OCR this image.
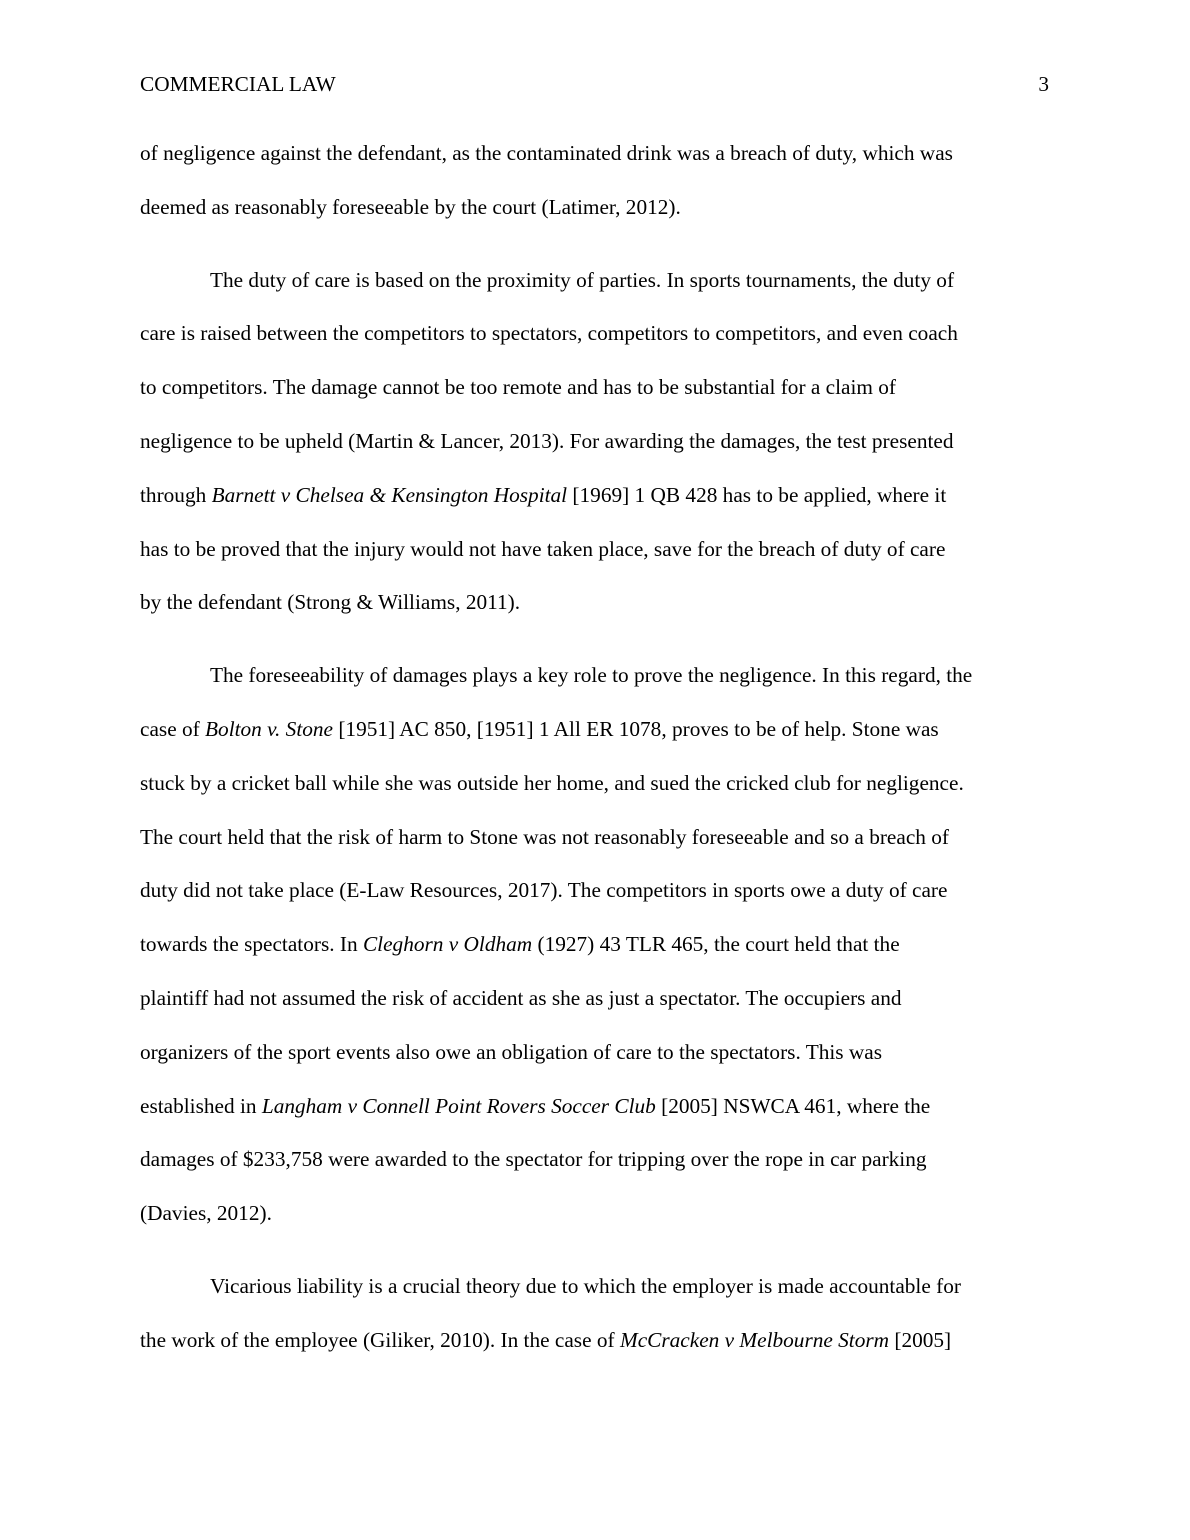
COMMERCIAL LAW	3
of negligence against the defendant, as the contaminated drink was a breach of duty, which was
deemed as reasonably foreseeable by the court (Latimer, 2012).
The duty of care is based on the proximity of parties. In sports tournaments, the duty of
care is raised between the competitors to spectators, competitors to competitors, and even coach
to competitors. The damage cannot be too remote and has to be substantial for a claim of
negligence to be upheld (Martin & Lancer, 2013). For awarding the damages, the test presented
through Barnett v Chelsea & Kensington Hospital [1969] 1 QB 428 has to be applied, where it
has to be proved that the injury would not have taken place, save for the breach of duty of care
by the defendant (Strong & Williams, 2011).
The foreseeability of damages plays a key role to prove the negligence. In this regard, the
case of Bolton v. Stone [1951] AC 850, [1951] 1 All ER 1078, proves to be of help. Stone was
stuck by a cricket ball while she was outside her home, and sued the cricked club for negligence.
The court held that the risk of harm to Stone was not reasonably foreseeable and so a breach of
duty did not take place (E-Law Resources, 2017). The competitors in sports owe a duty of care
towards the spectators. In Cleghorn v Oldham (1927) 43 TLR 465, the court held that the
plaintiff had not assumed the risk of accident as she as just a spectator. The occupiers and
organizers of the sport events also owe an obligation of care to the spectators. This was
established in Langham v Connell Point Rovers Soccer Club [2005] NSWCA 461, where the
damages of $233,758 were awarded to the spectator for tripping over the rope in car parking
(Davies, 2012).
Vicarious liability is a crucial theory due to which the employer is made accountable for
the work of the employee (Giliker, 2010). In the case of McCracken v Melbourne Storm [2005]
